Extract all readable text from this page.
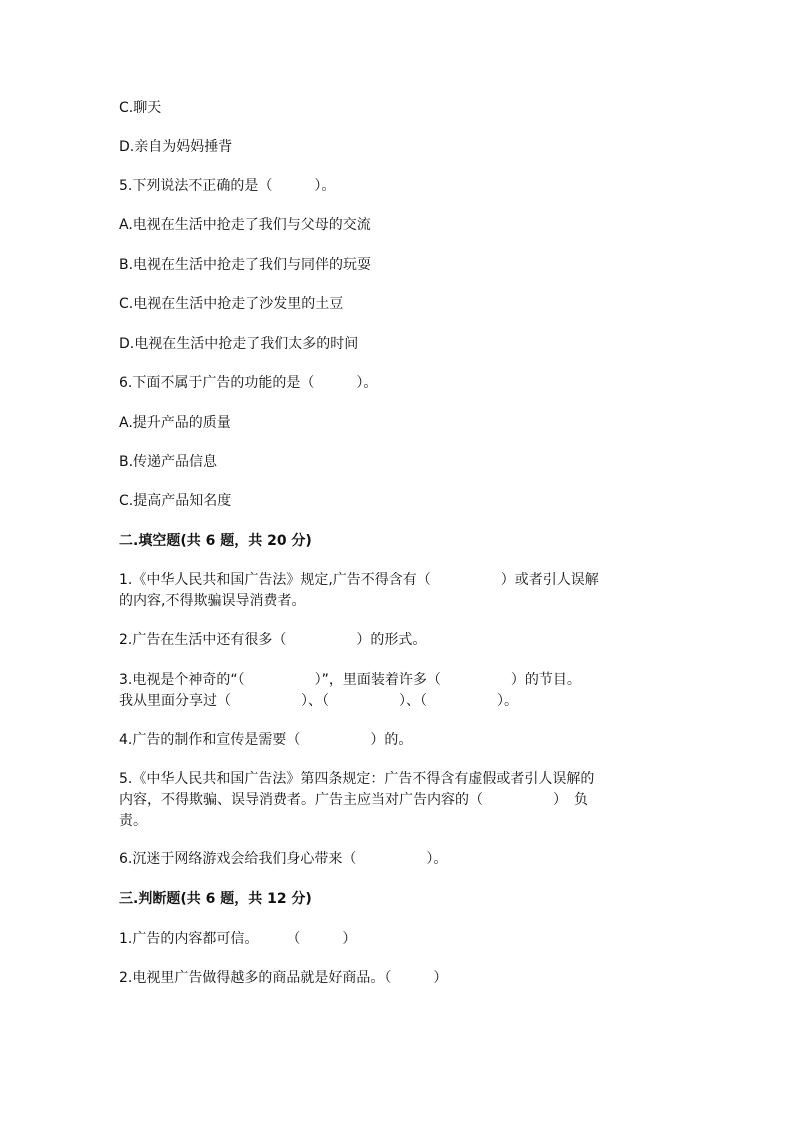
C.聊天
D.亲自为妈妈捶背
5.下列说法不正确的是（　　　）。
A.电视在生活中抢走了我们与父母的交流
B.电视在生活中抢走了我们与同伴的玩耍
C.电视在生活中抢走了沙发里的土豆
D.电视在生活中抢走了我们太多的时间
6.下面不属于广告的功能的是（　　　）。
A.提升产品的质量
B.传递产品信息
C.提高产品知名度
二.填空题(共 6 题，共 20 分)
1.《中华人民共和国广告法》规定,广告不得含有（　　　　　）或者引人误解
的内容,不得欺骗误导消费者。
2.广告在生活中还有很多（　　　　　）的形式。
3.电视是个神奇的“（　　　　　）”，里面装着许多（　　　　　）的节目。
我从里面分享过（　　　　　）、（　　　　　）、（　　　　　）。
4.广告的制作和宣传是需要（　　　　　）的。
5.《中华人民共和国广告法》第四条规定：广告不得含有虚假或者引人误解的
内容，不得欺骗、误导消费者。广告主应当对广告内容的（　　　　　）　负
责。
6.沉迷于网络游戏会给我们身心带来（　　　　　）。
三.判断题(共 6 题，共 12 分)
1.广告的内容都可信。　　　（　　　）
2.电视里广告做得越多的商品就是好商品。（　　　）
